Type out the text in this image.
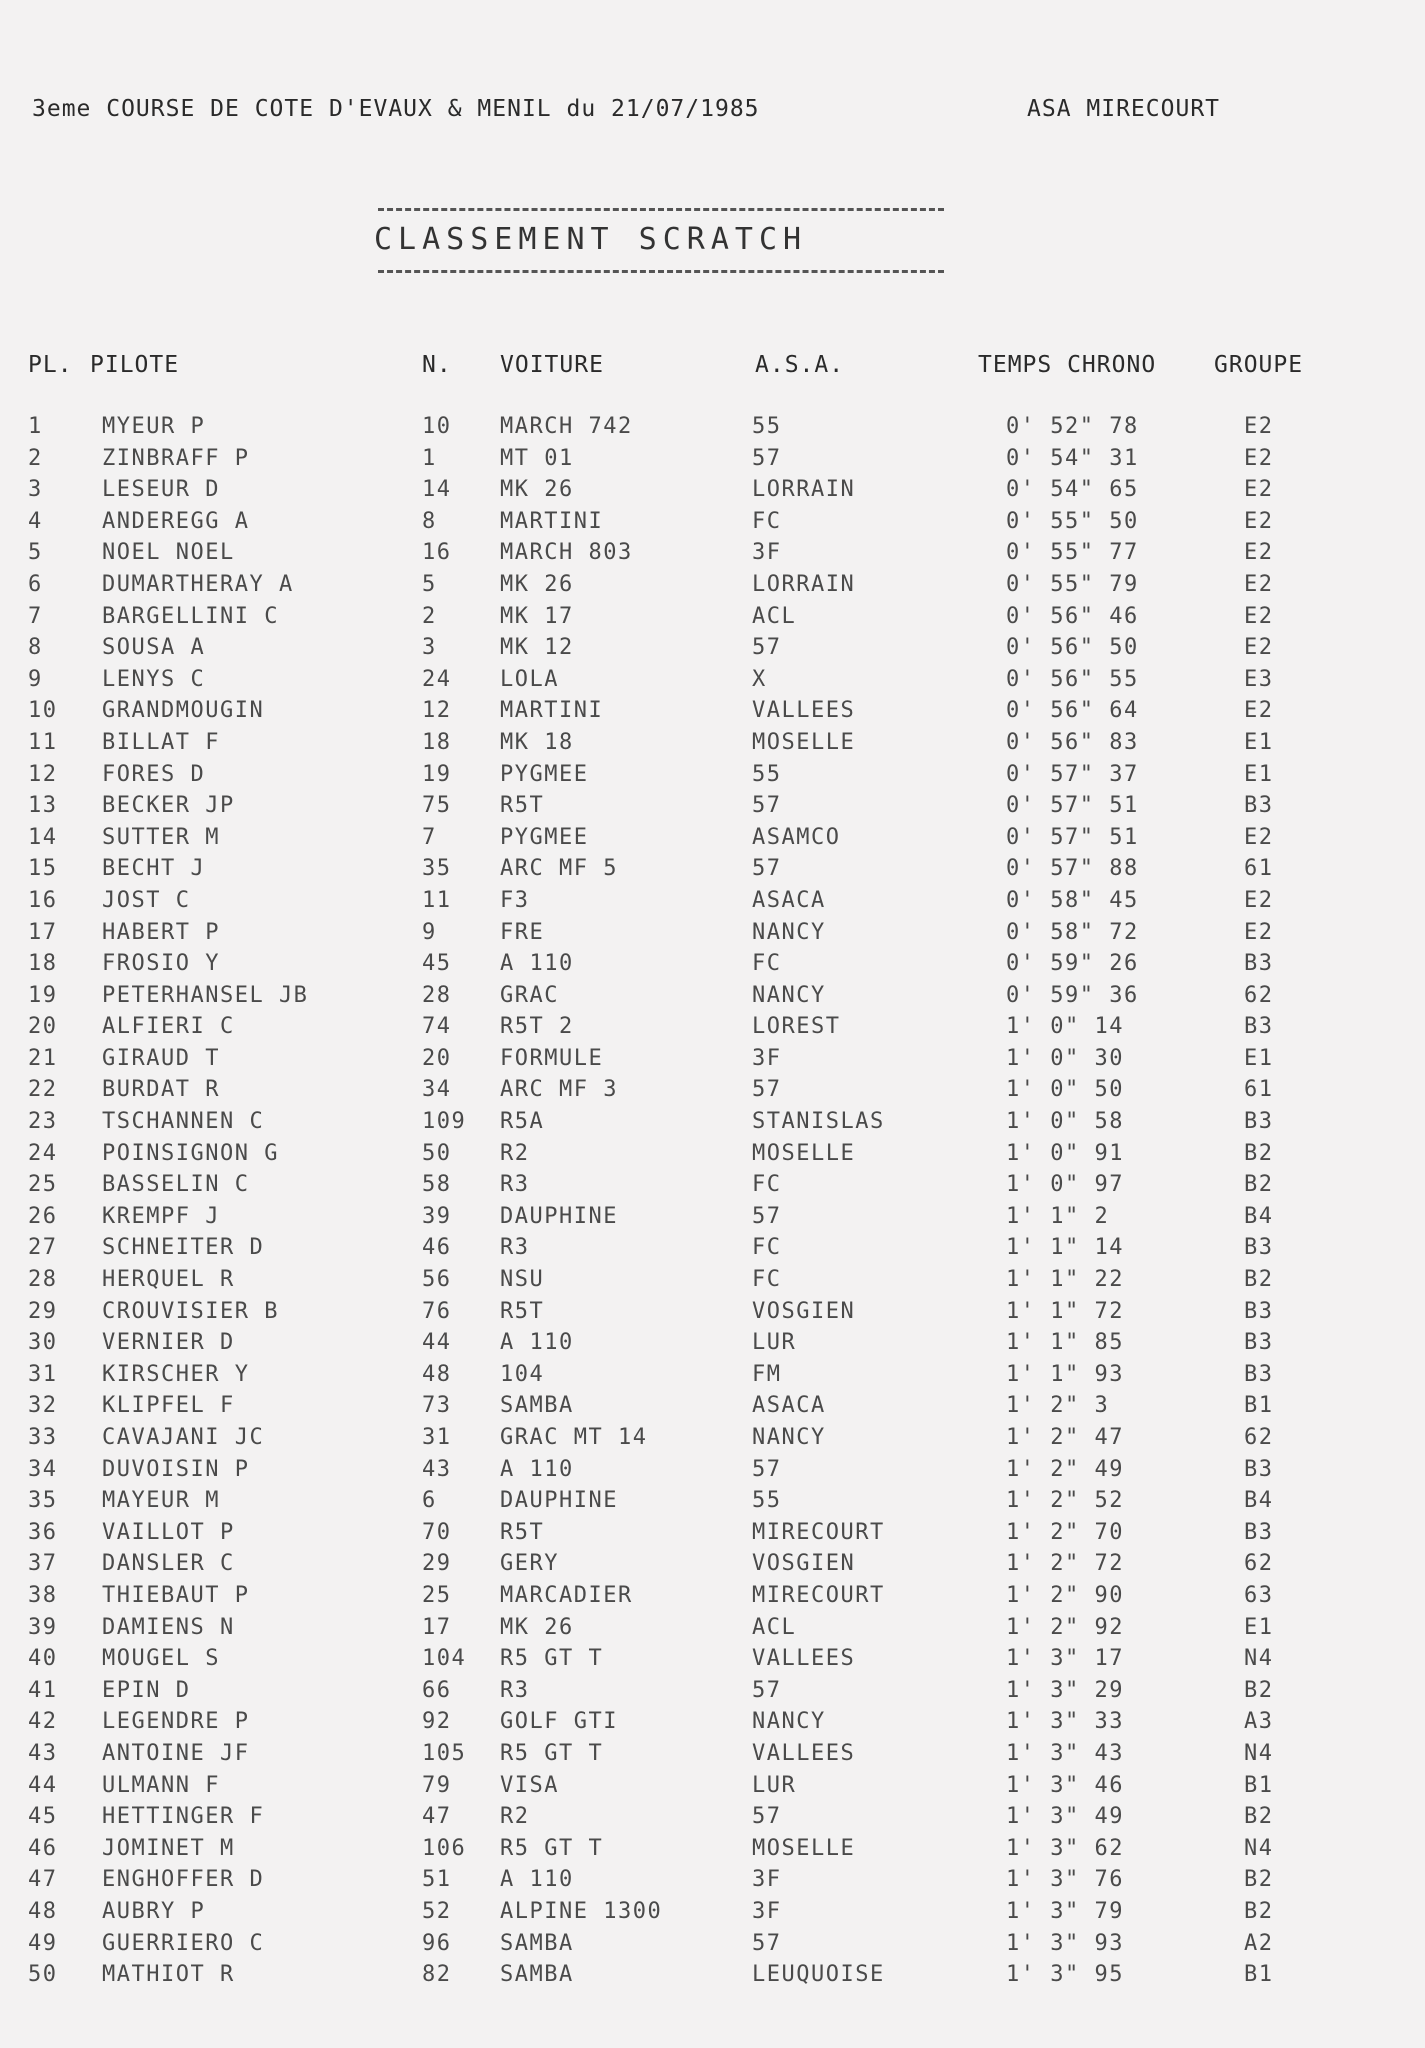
3eme COURSE DE COTE D'EVAUX & MENIL du 21/07/1985	ASA MIRECOURT
CLASSEMENT SCRATCH
PL. PILOTE	N. VOITURE	A.S.A.	TEMPS CHRONO	GROUPE
1	MYEUR P	10 MARCH 742	55	0' 52" 78	E2
2	ZINBRAFF P	1	MT 01	57	0' 54" 31	E2
3	LESEUR D	14 MK 26	LORRAIN	0' 54" 65	E2
4	ANDEREGG A	8	MARTINI	FC	0' 55" 50	E2
5	NOEL NOEL	16 MARCH 803	3F	0' 55" 77	E2
6	DUMARTHERAY A	5	MK 26	LORRAIN	0' 55" 79	E2
7	BARGELLINI C	2	MK 17	ACL	0' 56" 46	E2
8	SOUSA A	3	MK 12	57	0' 56" 50	E2
9	LENYS C	24 LOLA	X	0' 56" 55	E3
10 GRANDMOUGIN	12 MARTINI	VALLEES	0' 56" 64	E2
11 BILLAT F	18 MK 18	MOSELLE	0' 56" 83	E1
12 FORES D	19 PYGMEE	55	0' 57" 37	E1
13 BECKER JP	75 R5T	57	0' 57" 51	B3
14 SUTTER M	7	PYGMEE	ASAMCO	0' 57" 51	E2
15 BECHT J	35 ARC MF 5	57	0' 57" 88	61
16 JOST C	11 F3	ASACA	0' 58" 45	E2
17 HABERT P	9	FRE	NANCY	0' 58" 72	E2
18 FROSIO Y	45 A 110	FC	0' 59" 26	B3
19 PETERHANSEL JB	28 GRAC	NANCY	0' 59" 36	62
20 ALFIERI C	74 R5T 2	LOREST	1' 0" 14	B3
21 GIRAUD T	20 FORMULE	3F	1' 0" 30	E1
22 BURDAT R	34 ARC MF 3	57	1' 0" 50	61
23 TSCHANNEN C	109 R5A	STANISLAS	1' 0" 58	B3
24 POINSIGNON G	50 R2	MOSELLE	1' 0" 91	B2
25 BASSELIN C	58 R3	FC	1' 0" 97	B2
26 KREMPF J	39 DAUPHINE	57	1' 1" 2	B4
27 SCHNEITER D	46 R3	FC	1' 1" 14	B3
28 HERQUEL R	56 NSU	FC	1' 1" 22	B2
29 CROUVISIER B	76 R5T	VOSGIEN	1' 1" 72	B3
30 VERNIER D	44 A 110	LUR	1' 1" 85	B3
31 KIRSCHER Y	48 104	FM	1' 1" 93	B3
32 KLIPFEL F	73 SAMBA	ASACA	1' 2" 3	B1
33 CAVAJANI JC	31 GRAC MT 14	NANCY	1' 2" 47	62
34 DUVOISIN P	43 A 110	57	1' 2" 49	B3
35 MAYEUR M	6	DAUPHINE	55	1' 2" 52	B4
36 VAILLOT P	70 R5T	MIRECOURT	1' 2" 70	B3
37 DANSLER C	29 GERY	VOSGIEN	1' 2" 72	62
38 THIEBAUT P	25 MARCADIER	MIRECOURT	1' 2" 90	63
39 DAMIENS N	17 MK 26	ACL	1' 2" 92	E1
40 MOUGEL S	104 R5 GT T	VALLEES	1' 3" 17	N4
41 EPIN D	66 R3	57	1' 3" 29	B2
42 LEGENDRE P	92 GOLF GTI	NANCY	1' 3" 33	A3
43 ANTOINE JF	105 R5 GT T	VALLEES	1' 3" 43	N4
44 ULMANN F	79 VISA	LUR	1' 3" 46	B1
45 HETTINGER F	47 R2	57	1' 3" 49	B2
46 JOMINET M	106 R5 GT T	MOSELLE	1' 3" 62	N4
47 ENGHOFFER D	51 A 110	3F	1' 3" 76	B2
48 AUBRY P	52 ALPINE 1300	3F	1' 3" 79	B2
49 GUERRIERO C	96 SAMBA	57	1' 3" 93	A2
50 MATHIOT R	82 SAMBA	LEUQUOISE	1' 3" 95	B1
